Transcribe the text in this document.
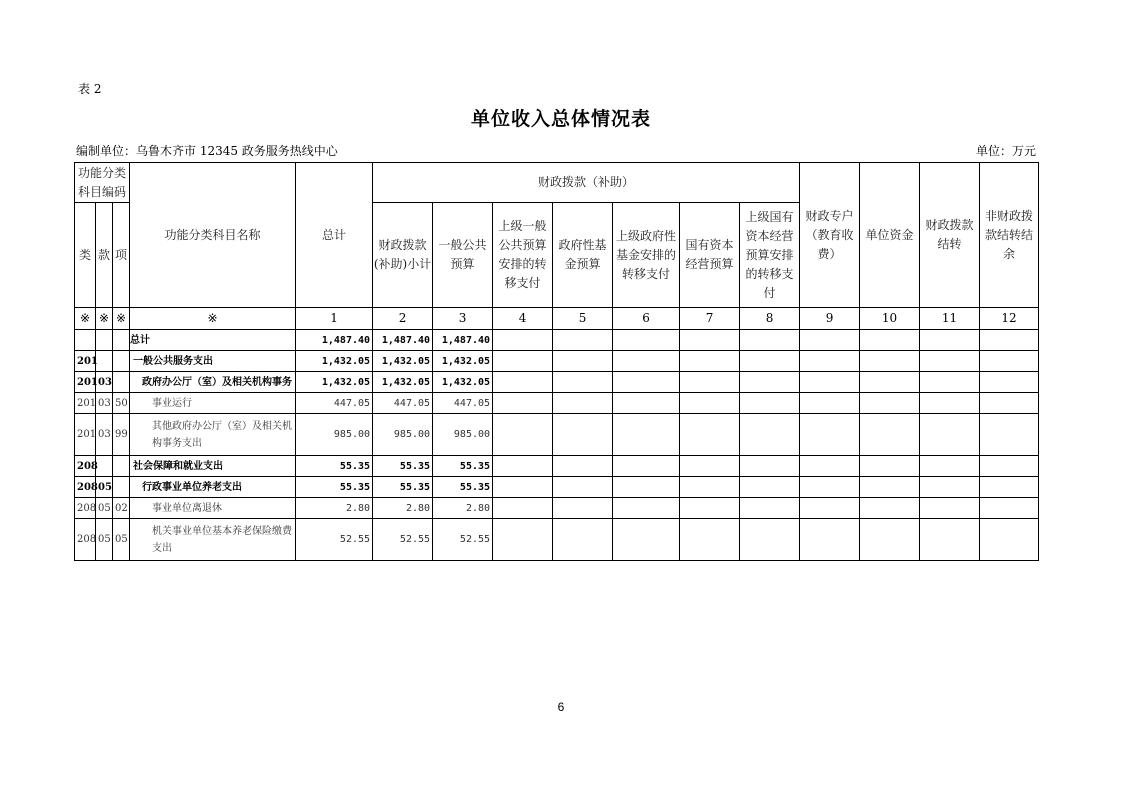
表 2
单位收入总体情况表
编制单位：乌鲁木齐市 12345 政务服务热线中心	单位：万元
功能分类科目编码			功能分类科目名称	总计	财政拨款（补助）							财政专户（教育收费）	单位资金	财政拨款结转	非财政拨款结转结余
类	款	项			财政拨款(补助)小计	一般公共预算	上级一般公共预算安排的转移支付	政府性基金预算	上级政府性基金安排的转移支付	国有资本经营预算	上级国有资本经营预算安排的转移支付				
※	※	※	※	1	2	3	4	5	6	7	8	9	10	11	12
			总计	1,487.40	1,487.40	1,487.40									
201			一般公共服务支出	1,432.05	1,432.05	1,432.05									
201	03		政府办公厅（室）及相关机构事务	1,432.05	1,432.05	1,432.05									
201	03	50	事业运行	447.05	447.05	447.05									
201	03	99	其他政府办公厅（室）及相关机构事务支出	985.00	985.00	985.00									
208			社会保障和就业支出	55.35	55.35	55.35									
208	05		行政事业单位养老支出	55.35	55.35	55.35									
208	05	02	事业单位离退休	2.80	2.80	2.80									
208	05	05	机关事业单位基本养老保险缴费支出	52.55	52.55	52.55									
6
